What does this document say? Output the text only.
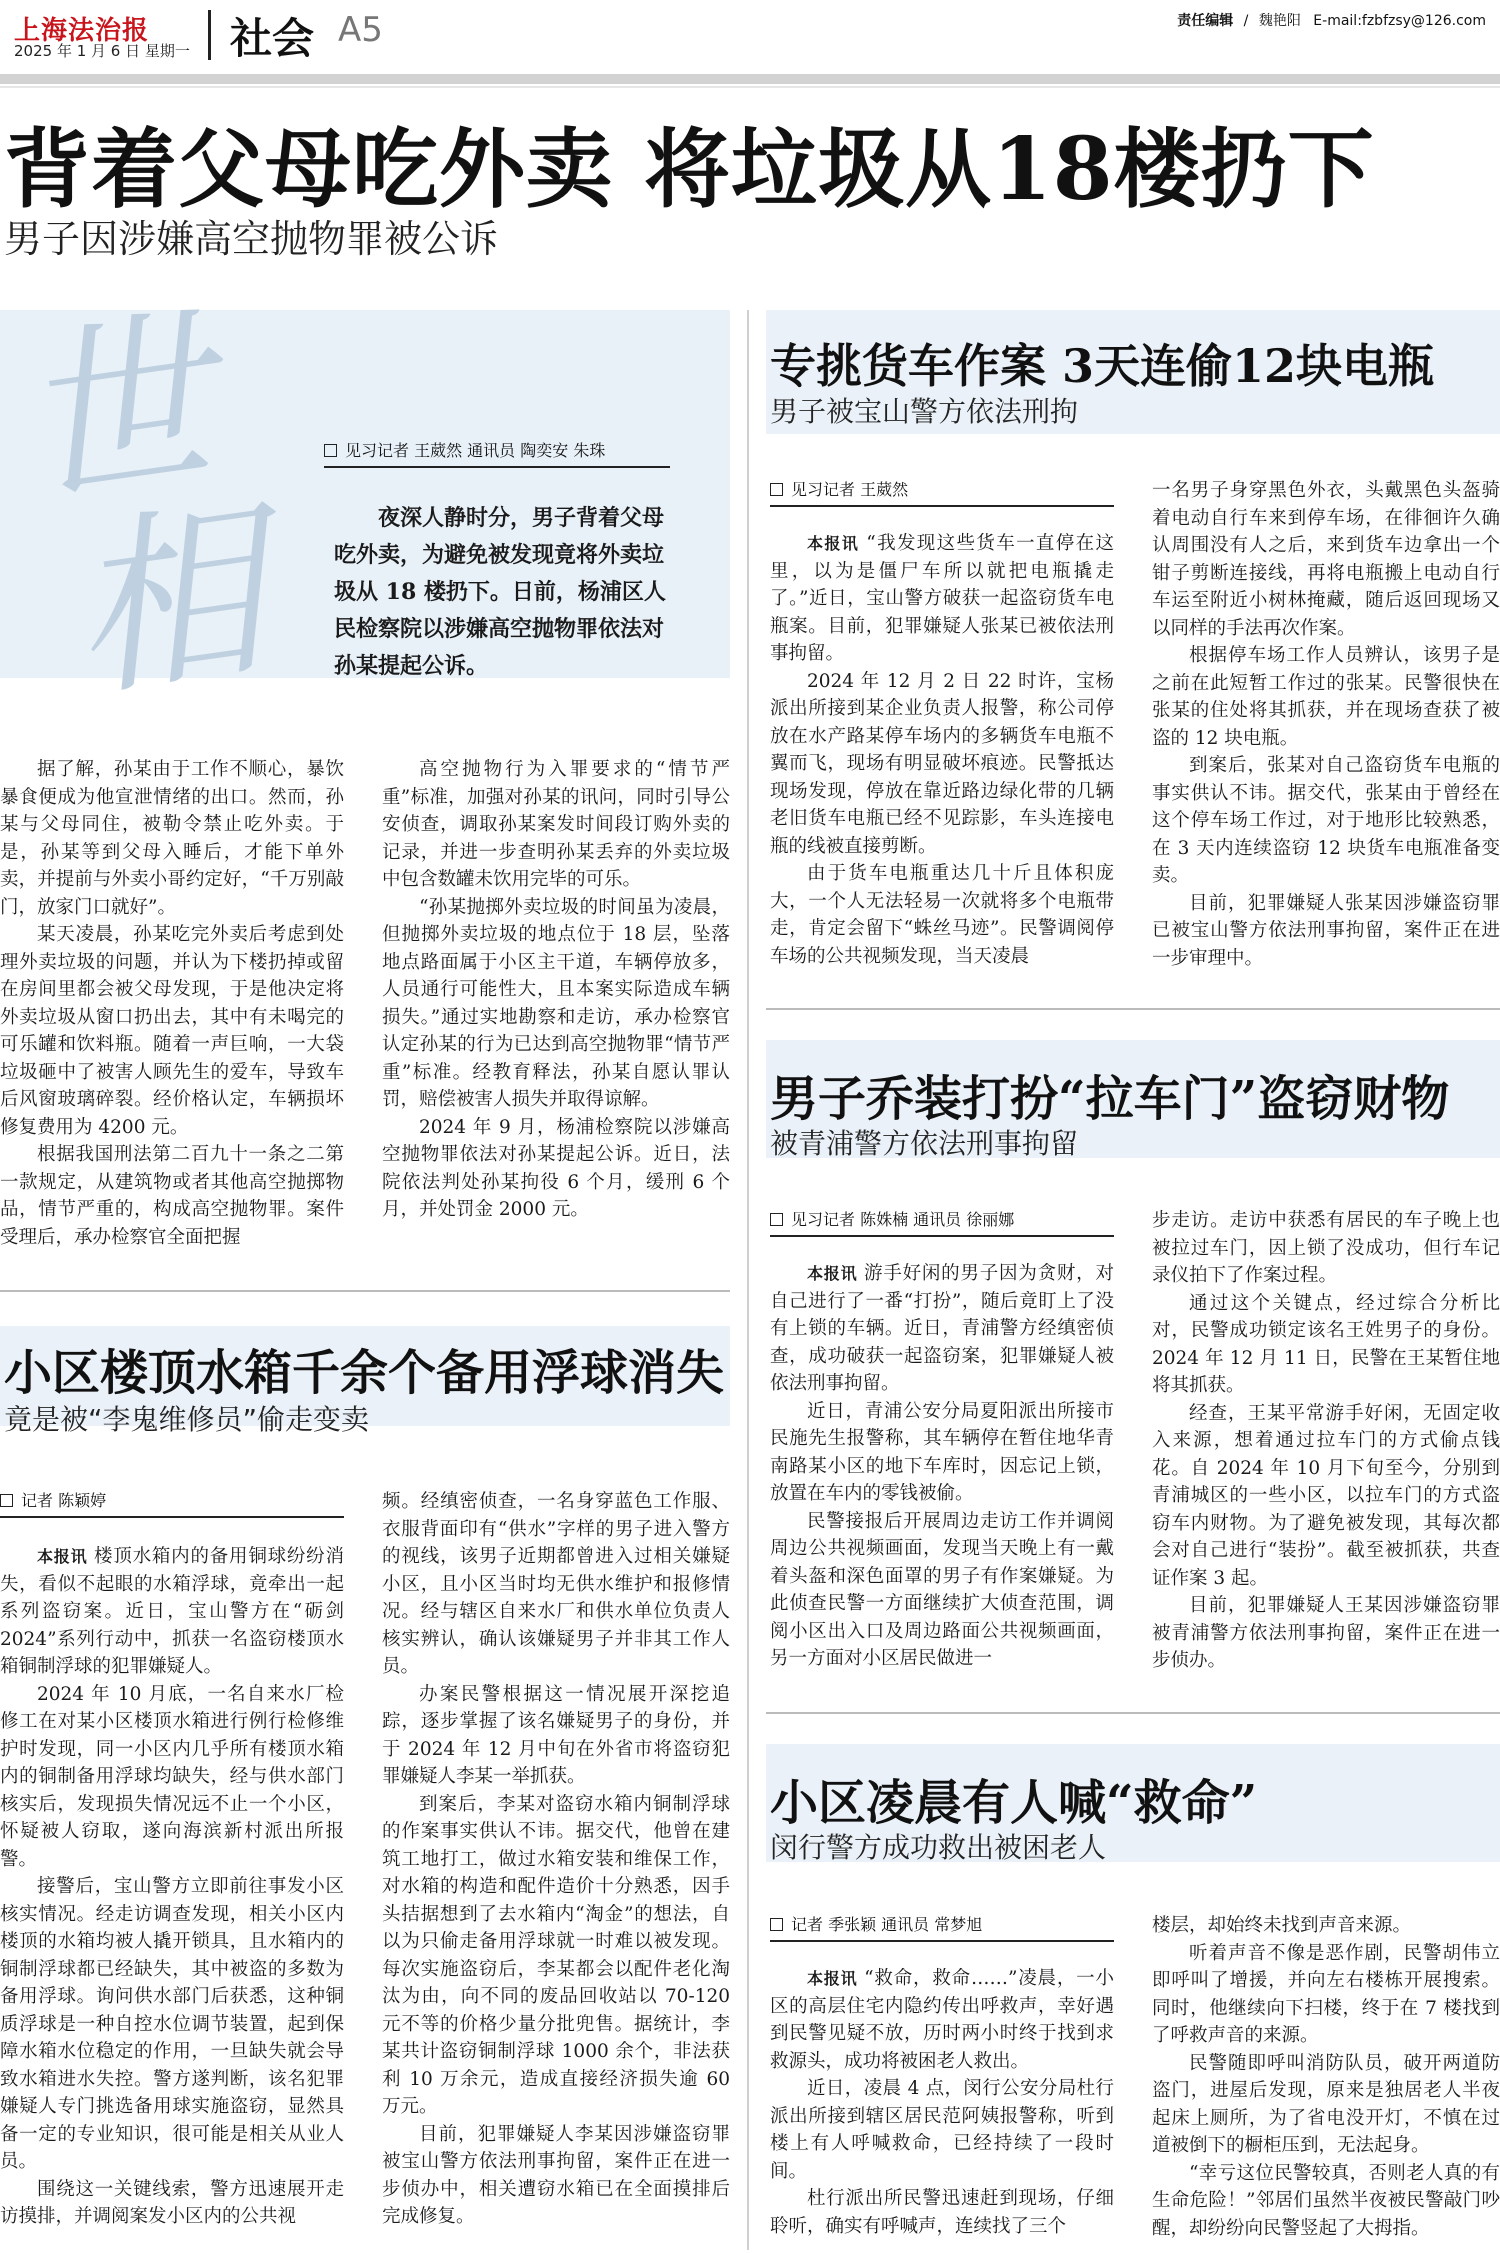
上海法治报
2025 年 1 月 6 日 星期一 社会 A5	责任编辑 / 魏艳阳 E-mail:fzbfzsy@126.com
背着父母吃外卖 将垃圾从18楼扔下
男子因涉嫌高空抛物罪被公诉
世
相
见习记者 王葳然 通讯员 陶奕安 朱珠

夜深人静时分，男子背着父母吃外卖，为避免被发现竟将外卖垃圾从 18 楼扔下。日前，杨浦区人民检察院以涉嫌高空抛物罪依法对孙某提起公诉。

据了解，孙某由于工作不顺心，暴饮暴食便成为他宣泄情绪的出口。然而，孙某与父母同住，被勒令禁止吃外卖。于是，孙某等到父母入睡后，才能下单外卖，并提前与外卖小哥约定好，“千万别敲门，放家门口就好”。

某天凌晨，孙某吃完外卖后考虑到处理外卖垃圾的问题，并认为下楼扔掉或留在房间里都会被父母发现，于是他决定将外卖垃圾从窗口扔出去，其中有未喝完的可乐罐和饮料瓶。随着一声巨响，一大袋垃圾砸中了被害人顾先生的爱车，导致车后风窗玻璃碎裂。经价格认定，车辆损坏修复费用为 4200 元。

根据我国刑法第二百九十一条之二第一款规定，从建筑物或者其他高空抛掷物品，情节严重的，构成高空抛物罪。案件受理后，承办检察官全面把握

高空抛物行为入罪要求的“情节严重”标准，加强对孙某的讯问，同时引导公安侦查，调取孙某案发时间段订购外卖的记录，并进一步查明孙某丢弃的外卖垃圾中包含数罐未饮用完毕的可乐。

“孙某抛掷外卖垃圾的时间虽为凌晨，但抛掷外卖垃圾的地点位于 18 层，坠落地点路面属于小区主干道，车辆停放多，人员通行可能性大，且本案实际造成车辆损失。”通过实地勘察和走访，承办检察官认定孙某的行为已达到高空抛物罪“情节严重”标准。经教育释法，孙某自愿认罪认罚，赔偿被害人损失并取得谅解。

2024 年 9 月，杨浦检察院以涉嫌高空抛物罪依法对孙某提起公诉。近日，法院依法判处孙某拘役 6 个月，缓刑 6 个月，并处罚金 2000 元。

小区楼顶水箱千余个备用浮球消失
竟是被“李鬼维修员”偷走变卖
记者 陈颖婷

本报讯 楼顶水箱内的备用铜球纷纷消失，看似不起眼的水箱浮球，竟牵出一起系列盗窃案。近日，宝山警方在“砺剑 2024”系列行动中，抓获一名盗窃楼顶水箱铜制浮球的犯罪嫌疑人。

2024 年 10 月底，一名自来水厂检修工在对某小区楼顶水箱进行例行检修维护时发现，同一小区内几乎所有楼顶水箱内的铜制备用浮球均缺失，经与供水部门核实后，发现损失情况远不止一个小区，怀疑被人窃取，遂向海滨新村派出所报警。

接警后，宝山警方立即前往事发小区核实情况。经走访调查发现，相关小区内楼顶的水箱均被人撬开锁具，且水箱内的铜制浮球都已经缺失，其中被盗的多数为备用浮球。询问供水部门后获悉，这种铜质浮球是一种自控水位调节装置，起到保障水箱水位稳定的作用，一旦缺失就会导致水箱进水失控。警方遂判断，该名犯罪嫌疑人专门挑选备用球实施盗窃，显然具备一定的专业知识，很可能是相关从业人员。

围绕这一关键线索，警方迅速展开走访摸排，并调阅案发小区内的公共视

频。经缜密侦查，一名身穿蓝色工作服、衣服背面印有“供水”字样的男子进入警方的视线，该男子近期都曾进入过相关嫌疑小区，且小区当时均无供水维护和报修情况。经与辖区自来水厂和供水单位负责人核实辨认，确认该嫌疑男子并非其工作人员。

办案民警根据这一情况展开深挖追踪，逐步掌握了该名嫌疑男子的身份，并于 2024 年 12 月中旬在外省市将盗窃犯罪嫌疑人李某一举抓获。

到案后，李某对盗窃水箱内铜制浮球的作案事实供认不讳。据交代，他曾在建筑工地打工，做过水箱安装和维保工作，对水箱的构造和配件造价十分熟悉，因手头拮据想到了去水箱内“淘金”的想法，自以为只偷走备用浮球就一时难以被发现。每次实施盗窃后，李某都会以配件老化淘汰为由，向不同的废品回收站以 70-120 元不等的价格少量分批兜售。据统计，李某共计盗窃铜制浮球 1000 余个，非法获利 10 万余元，造成直接经济损失逾 60 万元。

目前，犯罪嫌疑人李某因涉嫌盗窃罪被宝山警方依法刑事拘留，案件正在进一步侦办中，相关遭窃水箱已在全面摸排后完成修复。

专挑货车作案 3天连偷12块电瓶
男子被宝山警方依法刑拘
见习记者 王葳然

本报讯 “我发现这些货车一直停在这里，以为是僵尸车所以就把电瓶撬走了。”近日，宝山警方破获一起盗窃货车电瓶案。目前，犯罪嫌疑人张某已被依法刑事拘留。

2024 年 12 月 2 日 22 时许，宝杨派出所接到某企业负责人报警，称公司停放在水产路某停车场内的多辆货车电瓶不翼而飞，现场有明显破坏痕迹。民警抵达现场发现，停放在靠近路边绿化带的几辆老旧货车电瓶已经不见踪影，车头连接电瓶的线被直接剪断。

由于货车电瓶重达几十斤且体积庞大，一个人无法轻易一次就将多个电瓶带走，肯定会留下“蛛丝马迹”。民警调阅停车场的公共视频发现，当天凌晨

一名男子身穿黑色外衣，头戴黑色头盔骑着电动自行车来到停车场，在徘徊许久确认周围没有人之后，来到货车边拿出一个钳子剪断连接线，再将电瓶搬上电动自行车运至附近小树林掩藏，随后返回现场又以同样的手法再次作案。

根据停车场工作人员辨认，该男子是之前在此短暂工作过的张某。民警很快在张某的住处将其抓获，并在现场查获了被盗的 12 块电瓶。

到案后，张某对自己盗窃货车电瓶的事实供认不讳。据交代，张某由于曾经在这个停车场工作过，对于地形比较熟悉，在 3 天内连续盗窃 12 块货车电瓶准备变卖。

目前，犯罪嫌疑人张某因涉嫌盗窃罪已被宝山警方依法刑事拘留，案件正在进一步审理中。

男子乔装打扮“拉车门”盗窃财物
被青浦警方依法刑事拘留
见习记者 陈姝楠 通讯员 徐丽娜

本报讯 游手好闲的男子因为贪财，对自己进行了一番“打扮”，随后竟盯上了没有上锁的车辆。近日，青浦警方经缜密侦查，成功破获一起盗窃案，犯罪嫌疑人被依法刑事拘留。

近日，青浦公安分局夏阳派出所接市民施先生报警称，其车辆停在暂住地华青南路某小区的地下车库时，因忘记上锁，放置在车内的零钱被偷。

民警接报后开展周边走访工作并调阅周边公共视频画面，发现当天晚上有一戴着头盔和深色面罩的男子有作案嫌疑。为此侦查民警一方面继续扩大侦查范围，调阅小区出入口及周边路面公共视频画面，另一方面对小区居民做进一

步走访。走访中获悉有居民的车子晚上也被拉过车门，因上锁了没成功，但行车记录仪拍下了作案过程。

通过这个关键点，经过综合分析比对，民警成功锁定该名王姓男子的身份。2024 年 12 月 11 日，民警在王某暂住地将其抓获。

经查，王某平常游手好闲，无固定收入来源，想着通过拉车门的方式偷点钱花。自 2024 年 10 月下旬至今，分别到青浦城区的一些小区，以拉车门的方式盗窃车内财物。为了避免被发现，其每次都会对自己进行“装扮”。截至被抓获，共查证作案 3 起。

目前，犯罪嫌疑人王某因涉嫌盗窃罪被青浦警方依法刑事拘留，案件正在进一步侦办。

小区凌晨有人喊“救命”
闵行警方成功救出被困老人
记者 季张颖 通讯员 常梦旭

本报讯 “救命，救命……”凌晨，一小区的高层住宅内隐约传出呼救声，幸好遇到民警见疑不放，历时两小时终于找到求救源头，成功将被困老人救出。

近日，凌晨 4 点，闵行公安分局杜行派出所接到辖区居民范阿姨报警称，听到楼上有人呼喊救命，已经持续了一段时间。

杜行派出所民警迅速赶到现场，仔细聆听，确实有呼喊声，连续找了三个

楼层，却始终未找到声音来源。

听着声音不像是恶作剧，民警胡伟立即呼叫了增援，并向左右楼栋开展搜索。同时，他继续向下扫楼，终于在 7 楼找到了呼救声音的来源。

民警随即呼叫消防队员，破开两道防盗门，进屋后发现，原来是独居老人半夜起床上厕所，为了省电没开灯，不慎在过道被倒下的橱柜压到，无法起身。

“幸亏这位民警较真，否则老人真的有生命危险！”邻居们虽然半夜被民警敲门吵醒，却纷纷向民警竖起了大拇指。
